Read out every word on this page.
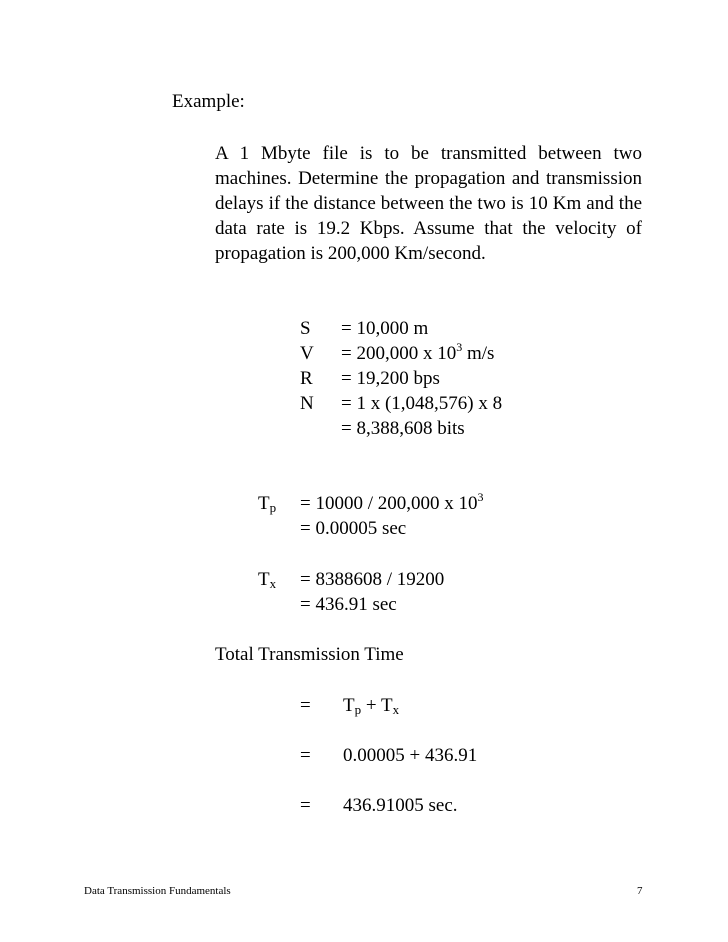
Example:
A 1 Mbyte file is to be transmitted between two machines. Determine the propagation and transmission delays if the distance between the two is 10 Km and the data rate is 19.2 Kbps. Assume that the velocity of propagation is 200,000 Km/second.
S = 10,000 m
V = 200,000 x $10^3$ m/s
R = 19,200 bps
N = 1 x (1,048,576) x 8
= 8,388,608 bits
$T_p = 10000 / 200,000$ x $10^3$
= 0.00005 sec
$T_x = 8388608 / 19200$
= 436.91 sec
Total Transmission Time
= $T_p + T_x$
= 0.00005 + 436.91
= 436.91005 sec.
Data Transmission Fundamentals	7
